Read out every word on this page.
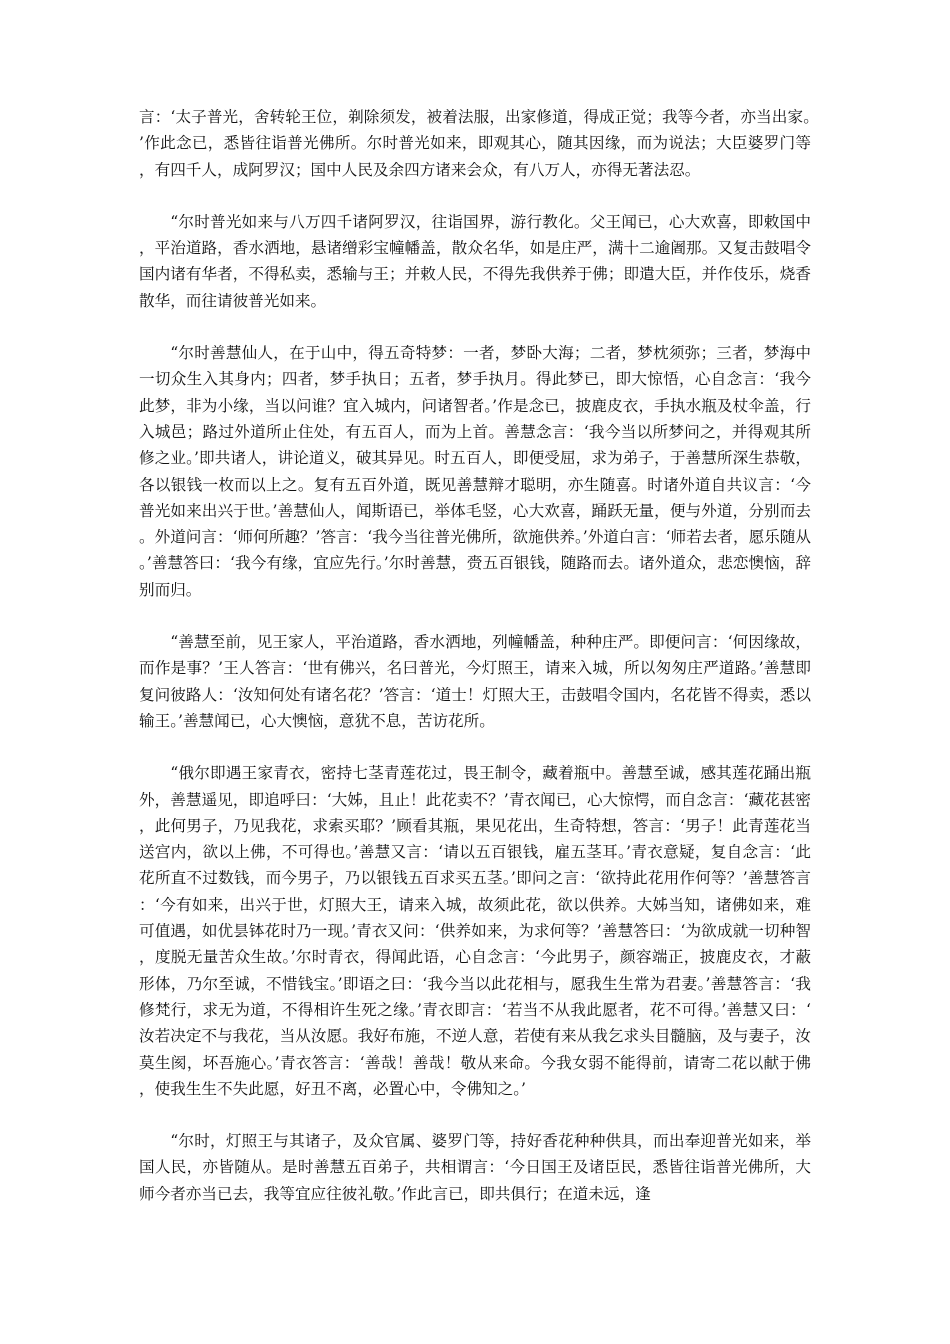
言：‘太子普光，舍转轮王位，剃除须发，被着法服，出家修道，得成正觉；我等今者，亦当出家。’作此念已，悉皆往诣普光佛所。尔时普光如来，即观其心，随其因缘，而为说法；大臣婆罗门等，有四千人，成阿罗汉；国中人民及余四方诸来会众，有八万人，亦得无著法忍。

“尔时普光如来与八万四千诸阿罗汉，往诣国界，游行教化。父王闻已，心大欢喜，即敕国中，平治道路，香水洒地，悬诸缯彩宝幢幡盖，散众名华，如是庄严，满十二逾阇那。又复击鼓唱令国内诸有华者，不得私卖，悉输与王；并敕人民，不得先我供养于佛；即遣大臣，并作伎乐，烧香散华，而往请彼普光如来。

“尔时善慧仙人，在于山中，得五奇特梦：一者，梦卧大海；二者，梦枕须弥；三者，梦海中一切众生入其身内；四者，梦手执日；五者，梦手执月。得此梦已，即大惊悟，心自念言：‘我今此梦，非为小缘，当以问谁？宜入城内，问诸智者。’作是念已，披鹿皮衣，手执水瓶及杖伞盖，行入城邑；路过外道所止住处，有五百人，而为上首。善慧念言：‘我今当以所梦问之，并得观其所修之业。’即共诸人，讲论道义，破其异见。时五百人，即便受屈，求为弟子，于善慧所深生恭敬，各以银钱一枚而以上之。复有五百外道，既见善慧辩才聪明，亦生随喜。时诸外道自共议言：‘今普光如来出兴于世。’善慧仙人，闻斯语已，举体毛竖，心大欢喜，踊跃无量，便与外道，分别而去。外道问言：‘师何所趣？’答言：‘我今当往普光佛所，欲施供养。’外道白言：‘师若去者，愿乐随从。’善慧答曰：‘我今有缘，宜应先行。’尔时善慧，赍五百银钱，随路而去。诸外道众，悲恋懊恼，辞别而归。

“善慧至前，见王家人，平治道路，香水洒地，列幢幡盖，种种庄严。即便问言：‘何因缘故，而作是事？’王人答言：‘世有佛兴，名曰普光，今灯照王，请来入城，所以匆匆庄严道路。’善慧即复问彼路人：‘汝知何处有诸名花？’答言：‘道士！灯照大王，击鼓唱令国内，名花皆不得卖，悉以输王。’善慧闻已，心大懊恼，意犹不息，苦访花所。

“俄尔即遇王家青衣，密持七茎青莲花过，畏王制令，藏着瓶中。善慧至诚，感其莲花踊出瓶外，善慧遥见，即追呼曰：‘大姊，且止！此花卖不？’青衣闻已，心大惊愕，而自念言：‘藏花甚密，此何男子，乃见我花，求索买耶？’顾看其瓶，果见花出，生奇特想，答言：‘男子！此青莲花当送宫内，欲以上佛，不可得也。’善慧又言：‘请以五百银钱，雇五茎耳。’青衣意疑，复自念言：‘此花所直不过数钱，而今男子，乃以银钱五百求买五茎。’即问之言：‘欲持此花用作何等？’善慧答言：‘今有如来，出兴于世，灯照大王，请来入城，故须此花，欲以供养。大姊当知，诸佛如来，难可值遇，如优昙钵花时乃一现。’青衣又问：‘供养如来，为求何等？’善慧答曰：‘为欲成就一切种智，度脱无量苦众生故。’尔时青衣，得闻此语，心自念言：‘今此男子，颜容端正，披鹿皮衣，才蔽形体，乃尔至诚，不惜钱宝。’即语之曰：‘我今当以此花相与，愿我生生常为君妻。’善慧答言：‘我修梵行，求无为道，不得相许生死之缘。’青衣即言：‘若当不从我此愿者，花不可得。’善慧又曰：‘汝若决定不与我花，当从汝愿。我好布施，不逆人意，若使有来从我乞求头目髓脑，及与妻子，汝莫生阂，坏吾施心。’青衣答言：‘善哉！善哉！敬从来命。今我女弱不能得前，请寄二花以献于佛，使我生生不失此愿，好丑不离，必置心中，令佛知之。’

“尔时，灯照王与其诸子，及众官属、婆罗门等，持好香花种种供具，而出奉迎普光如来，举国人民，亦皆随从。是时善慧五百弟子，共相谓言：‘今日国王及诸臣民，悉皆往诣普光佛所，大师今者亦当已去，我等宜应往彼礼敬。’作此言已，即共俱行；在道未远，逢
